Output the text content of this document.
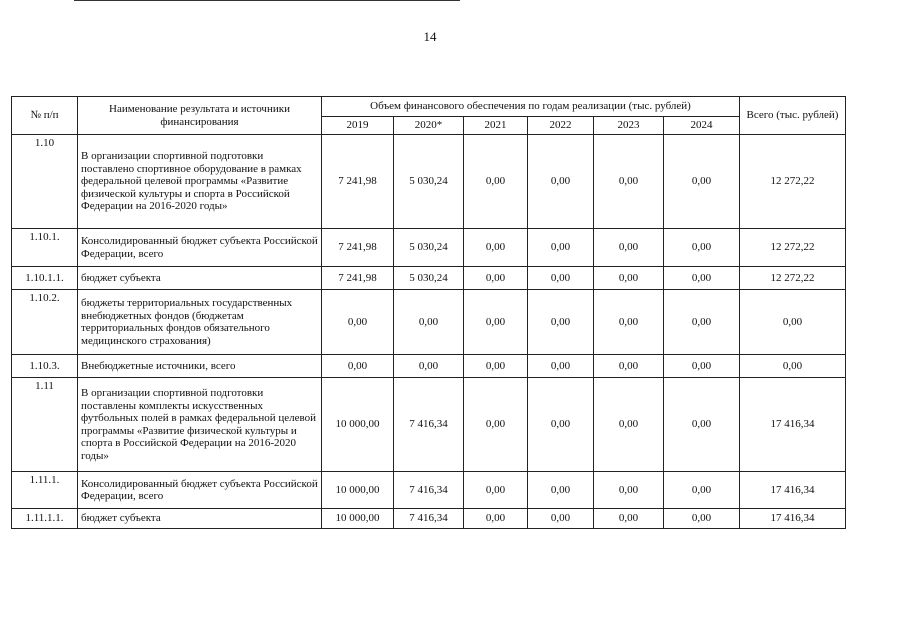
14
№ п/п	Наименование результата и источники финансирования	Объем финансового обеспечения по годам реализации (тыс. рублей)						Всего (тыс. рублей)
		2019	2020*	2021	2022	2023	2024	
1.10	В организации спортивной подготовки поставлено спортивное оборудование в рамках федеральной целевой программы «Развитие физической культуры и спорта в Российской Федерации на 2016-2020 годы»	7 241,98	5 030,24	0,00	0,00	0,00	0,00	12 272,22
1.10.1.	Консолидированный бюджет субъекта Российской Федерации, всего	7 241,98	5 030,24	0,00	0,00	0,00	0,00	12 272,22
1.10.1.1.	бюджет субъекта	7 241,98	5 030,24	0,00	0,00	0,00	0,00	12 272,22
1.10.2.	бюджеты территориальных государственных внебюджетных фондов (бюджетам территориальных фондов обязательного медицинского страхования)	0,00	0,00	0,00	0,00	0,00	0,00	0,00
1.10.3.	Внебюджетные источники, всего	0,00	0,00	0,00	0,00	0,00	0,00	0,00
1.11	В организации спортивной подготовки поставлены комплекты искусственных футбольных полей в рамках федеральной целевой программы «Развитие физической культуры и спорта в Российской Федерации на 2016-2020 годы»	10 000,00	7 416,34	0,00	0,00	0,00	0,00	17 416,34
1.11.1.	Консолидированный бюджет субъекта Российской Федерации, всего	10 000,00	7 416,34	0,00	0,00	0,00	0,00	17 416,34
1.11.1.1.	бюджет субъекта	10 000,00	7 416,34	0,00	0,00	0,00	0,00	17 416,34
